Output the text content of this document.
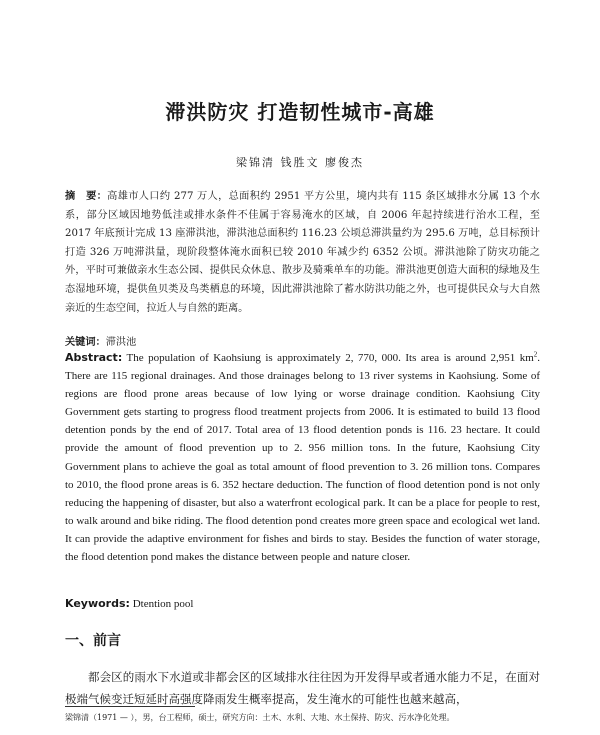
滞洪防灾 打造韧性城市-高雄
梁锦清 钱胜文 廖俊杰
摘　要：高雄市人口约 277 万人，总面积约 2951 平方公里，境内共有 115 条区域排水分属 13 个水系，部分区域因地势低洼或排水条件不佳属于容易淹水的区域，自 2006 年起持续进行治水工程，至 2017 年底预计完成 13 座滞洪池，滞洪池总面积约 116.23 公顷总滞洪量约为 295.6 万吨，总目标预计打造 326 万吨滞洪量，现阶段整体淹水面积已较 2010 年减少约 6352 公顷。滞洪池除了防灾功能之外，平时可兼做亲水生态公园、提供民众休息、散步及骑乘单车的功能。滞洪池更创造大面积的绿地及生态湿地环境，提供鱼贝类及鸟类栖息的环境，因此滞洪池除了蓄水防洪功能之外，也可提供民众与大自然亲近的生态空间，拉近人与自然的距离。
关键词：滞洪池
Abstract: The population of Kaohsiung is approximately 2, 770, 000. Its area is around 2,951 $km^2$. There are 115 regional drainages. And those drainages belong to 13 river systems in Kaohsiung. Some of regions are flood prone areas because of low lying or worse drainage condition. Kaohsiung City Government gets starting to progress flood treatment projects from 2006. It is estimated to build 13 flood detention ponds by the end of 2017. Total area of 13 flood detention ponds is 116. 23 hectare. It could provide the amount of flood prevention up to 2. 956 million tons. In the future, Kaohsiung City Government plans to achieve the goal as total amount of flood prevention to 3. 26 million tons. Compares to 2010, the flood prone areas is 6. 352 hectare deduction. The function of flood detention pond is not only reducing the happening of disaster, but also a waterfront ecological park. It can be a place for people to rest, to walk around and bike riding. The flood detention pond creates more green space and ecological wet land. It can provide the adaptive environment for fishes and birds to stay. Besides the function of water storage, the flood detention pond makes the distance between people and nature closer.
Keywords: Dtention pool
一、前言
都会区的雨水下水道或非都会区的区域排水往往因为开发得早或者通水能力不足，在面对极端气候变迁短延时高强度降雨发生概率提高，发生淹水的可能性也越来越高，
梁锦清（1971 — ），男，台工程师，硕士，研究方向：土木、水利、大地、水土保持、防灾、污水净化处理。
